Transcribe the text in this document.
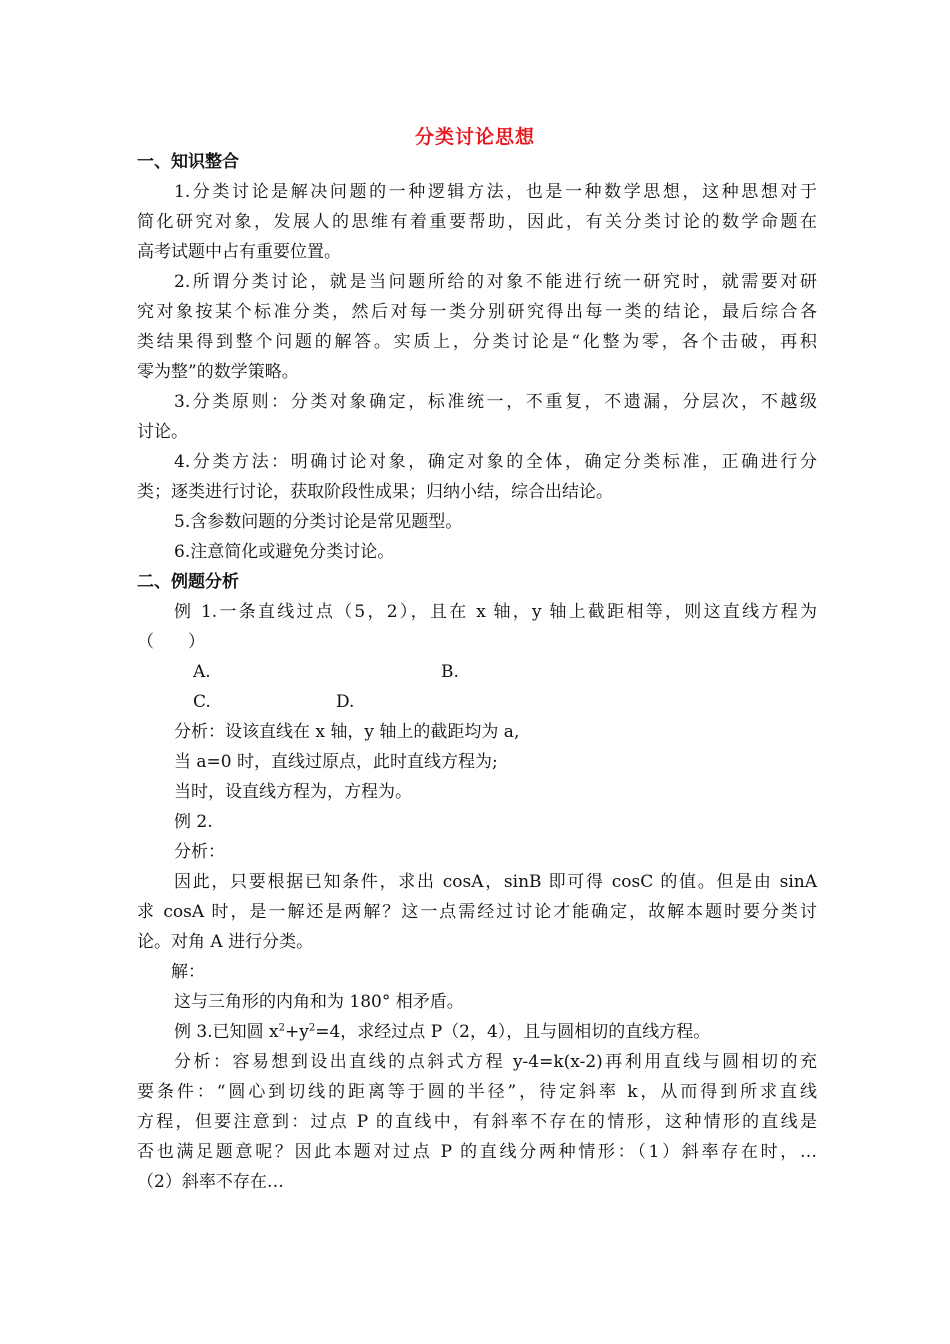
分类讨论思想
一、知识整合
1.分类讨论是解决问题的一种逻辑方法，也是一种数学思想，这种思想对于
简化研究对象，发展人的思维有着重要帮助，因此，有关分类讨论的数学命题在
高考试题中占有重要位置。
2.所谓分类讨论，就是当问题所给的对象不能进行统一研究时，就需要对研
究对象按某个标准分类，然后对每一类分别研究得出每一类的结论，最后综合各
类结果得到整个问题的解答。实质上，分类讨论是“化整为零，各个击破，再积
零为整”的数学策略。
3.分类原则：分类对象确定，标准统一，不重复，不遗漏，分层次，不越级
讨论。
4.分类方法：明确讨论对象，确定对象的全体，确定分类标准，正确进行分
类；逐类进行讨论，获取阶段性成果；归纳小结，综合出结论。
5.含参数问题的分类讨论是常见题型。
6.注意简化或避免分类讨论。
二、例题分析
例 1.一条直线过点（5，2），且在 x 轴，y 轴上截距相等，则这直线方程为
（　　）
A.	B.
C.	D.
分析：设该直线在 x 轴，y 轴上的截距均为 a,
当 a=0 时，直线过原点，此时直线方程为;
当时，设直线方程为，方程为。
例 2.
分析：
因此，只要根据已知条件，求出 cosA，sinB 即可得 cosC 的值。但是由 sinA
求 cosA 时，是一解还是两解？这一点需经过讨论才能确定，故解本题时要分类讨
论。对角 A 进行分类。
解：
这与三角形的内角和为 180° 相矛盾。
例 3.已知圆 $x^2+y^2=4$，求经过点 P（2，4），且与圆相切的直线方程。
分析：容易想到设出直线的点斜式方程 y-4=k(x-2)再利用直线与圆相切的充
要条件：“圆心到切线的距离等于圆的半径”，待定斜率 k，从而得到所求直线
方程，但要注意到：过点 P 的直线中，有斜率不存在的情形，这种情形的直线是
否也满足题意呢？因此本题对过点 P 的直线分两种情形：（1）斜率存在时，…
（2）斜率不存在…
